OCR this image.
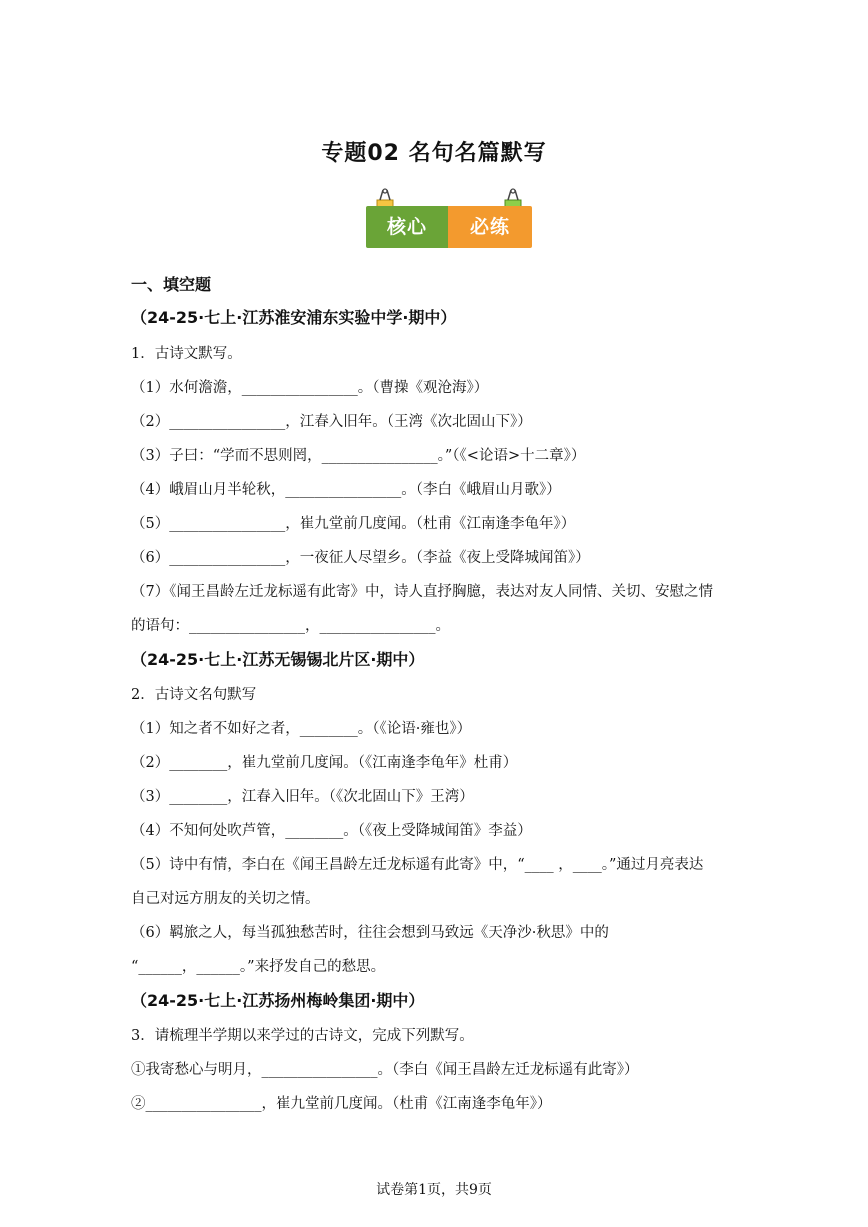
专题02 名句名篇默写
核心	必练
一、填空题
（24-25·七上·江苏淮安浦东实验中学·期中）
1．古诗文默写。
（1）水何澹澹，________________。（曹操《观沧海》）
（2）________________，江春入旧年。（王湾《次北固山下》）
（3）子曰：“学而不思则罔，________________。”（《<论语>十二章》）
（4）峨眉山月半轮秋，________________。（李白《峨眉山月歌》）
（5）________________，崔九堂前几度闻。（杜甫《江南逢李龟年》）
（6）________________，一夜征人尽望乡。（李益《夜上受降城闻笛》）
（7）《闻王昌龄左迁龙标遥有此寄》中，诗人直抒胸臆，表达对友人同情、关切、安慰之情
的语句：________________，________________。
（24-25·七上·江苏无锡锡北片区·期中）
2．古诗文名句默写
（1）知之者不如好之者，________。（《论语·雍也》）
（2）________，崔九堂前几度闻。（《江南逢李龟年》杜甫）
（3）________，江春入旧年。（《次北固山下》王湾）
（4）不知何处吹芦管，________。（《夜上受降城闻笛》李益）
（5）诗中有情，李白在《闻王昌龄左迁龙标遥有此寄》中，“____ ，____。”通过月亮表达
自己对远方朋友的关切之情。
（6）羁旅之人，每当孤独愁苦时，往往会想到马致远《天净沙·秋思》中的
“______，______。”来抒发自己的愁思。
（24-25·七上·江苏扬州梅岭集团·期中）
3．请梳理半学期以来学过的古诗文，完成下列默写。
①我寄愁心与明月，________________。（李白《闻王昌龄左迁龙标遥有此寄》）
②________________，崔九堂前几度闻。（杜甫《江南逢李龟年》）
试卷第1页，共9页
